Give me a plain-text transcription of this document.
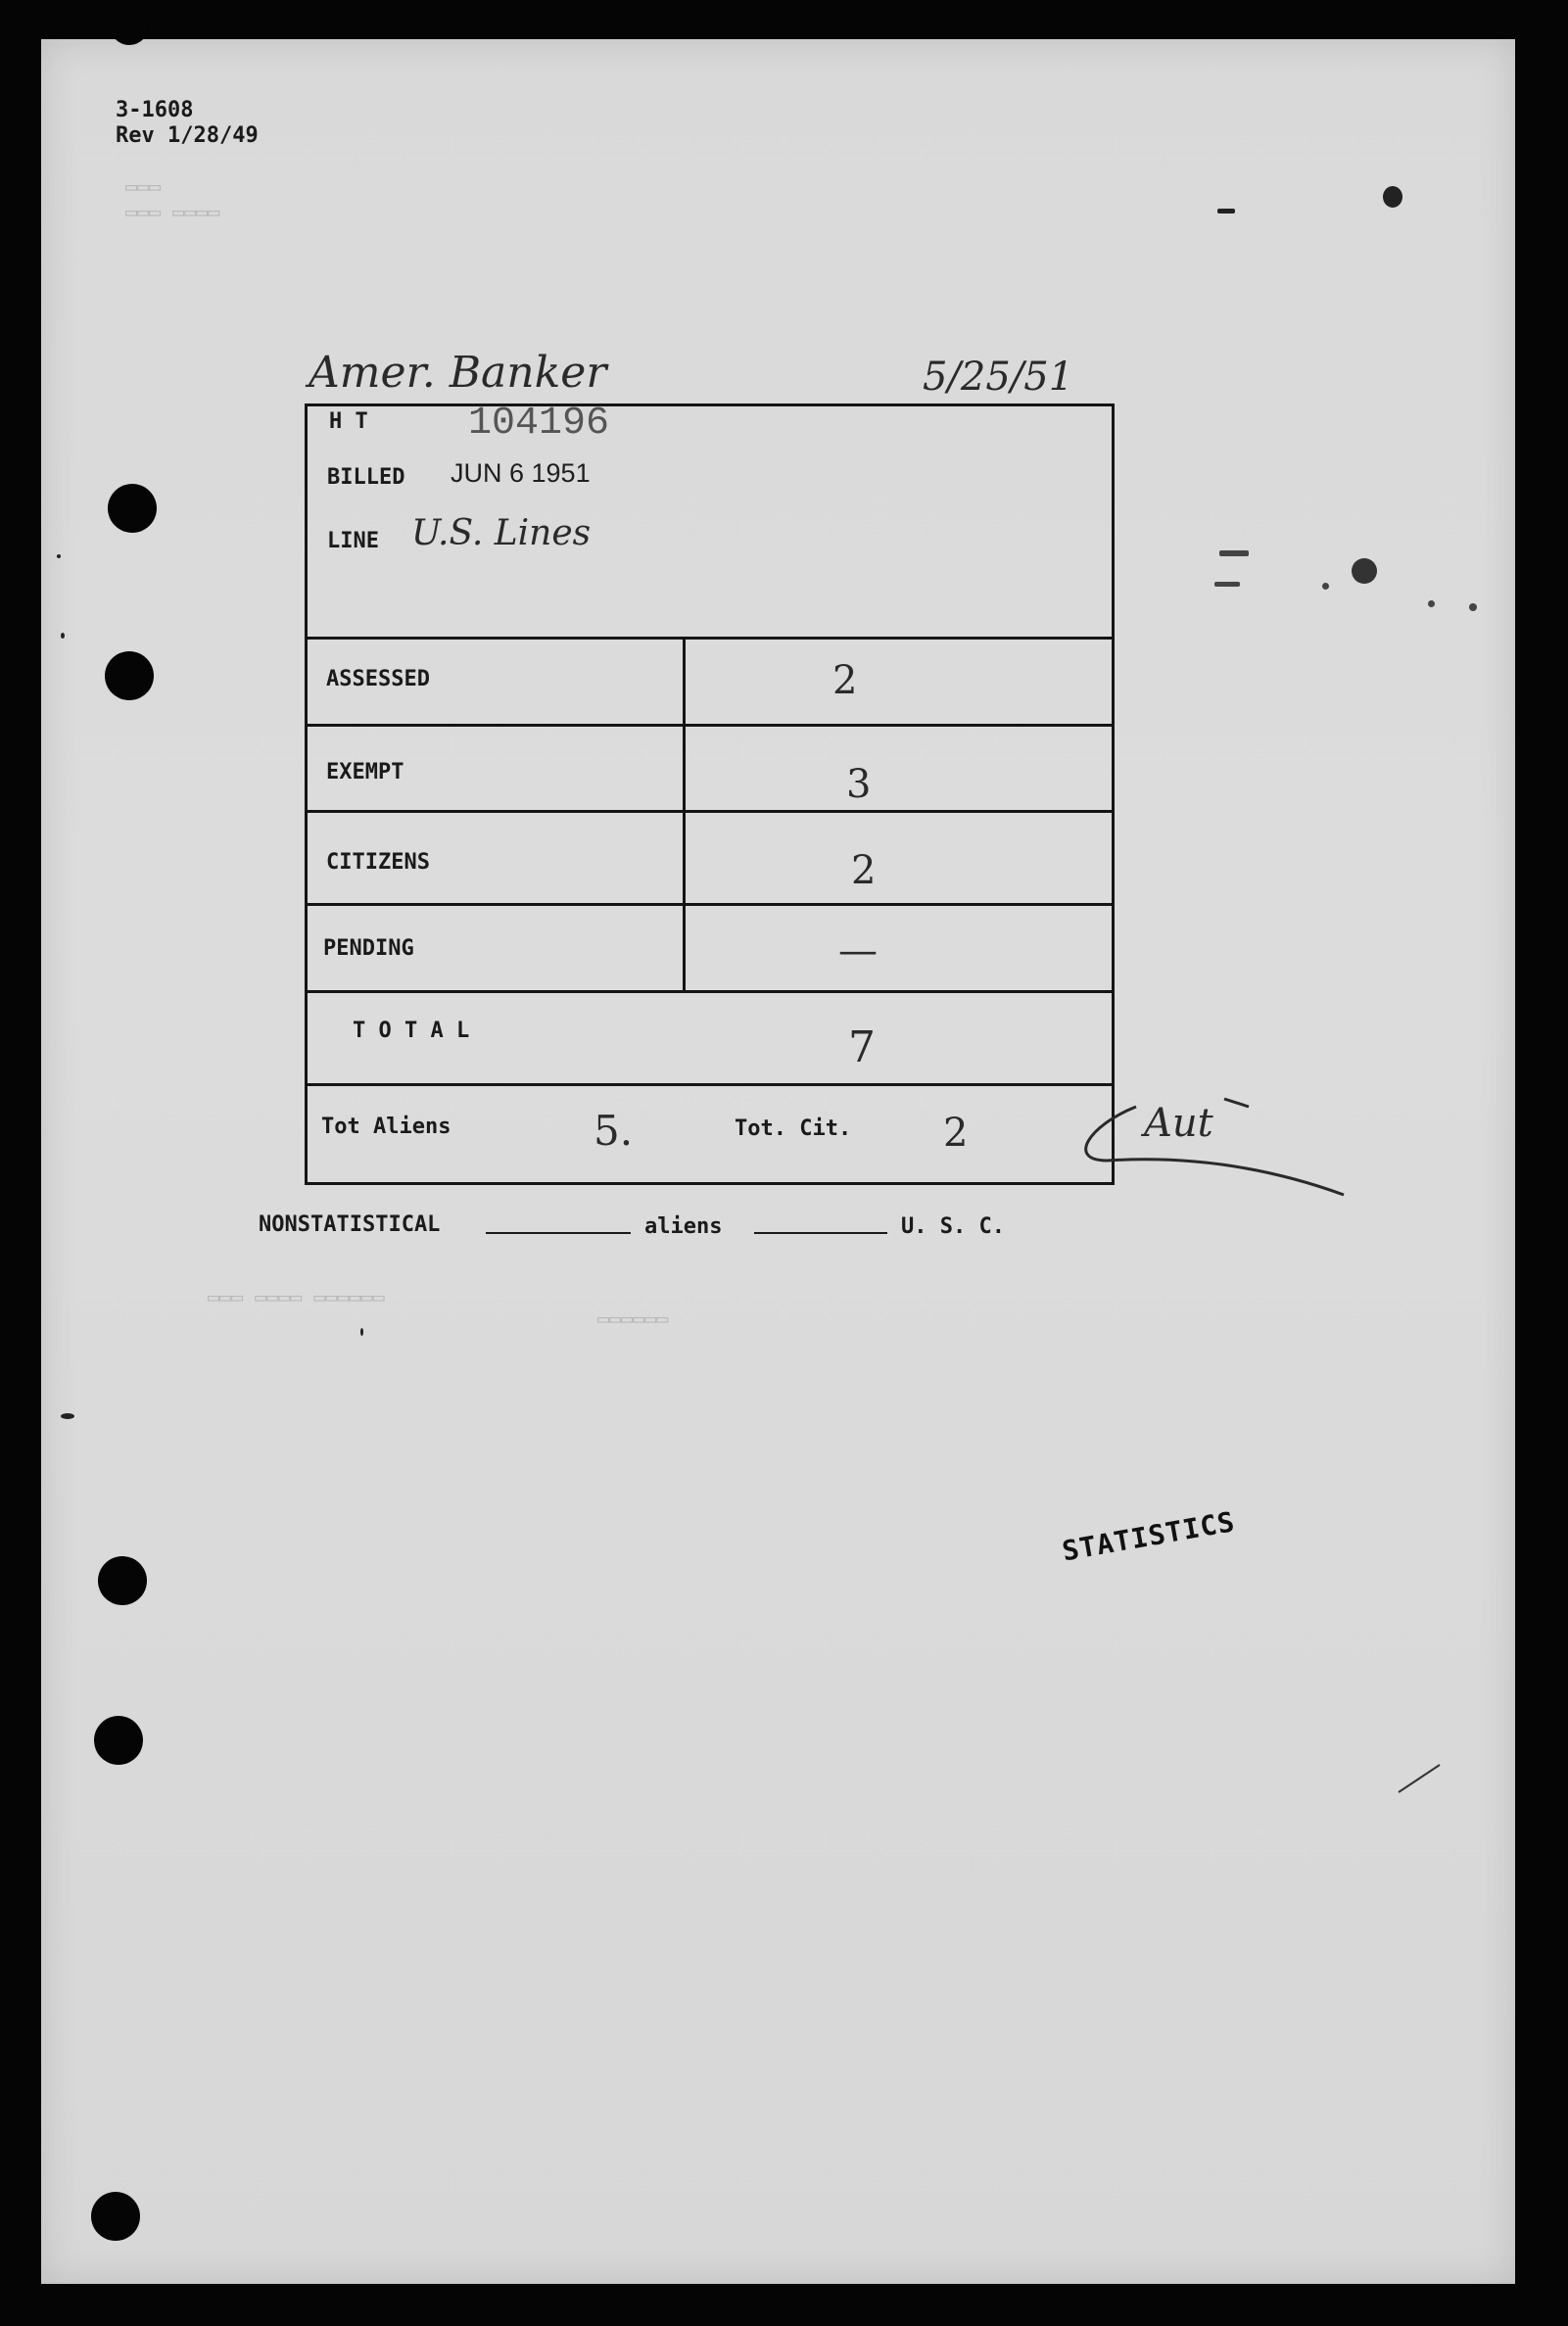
3-1608
Rev 1/28/49
▭▭▭
▭▭▭ ▭▭▭▭
Amer. Banker	5/25/51
H T	104196
BILLED JUN 6 1951
LINE U.S. Lines
ASSESSED	2
EXEMPT	3
CITIZENS	2
PENDING	—
T O T A L	7
Tot Aliens	5.	Tot. Cit. 2	Aut
NONSTATISTICAL	aliens	U. S. C.
▭▭▭ ▭▭▭▭ ▭▭▭▭▭▭
▭▭▭▭▭▭
STATISTICS
